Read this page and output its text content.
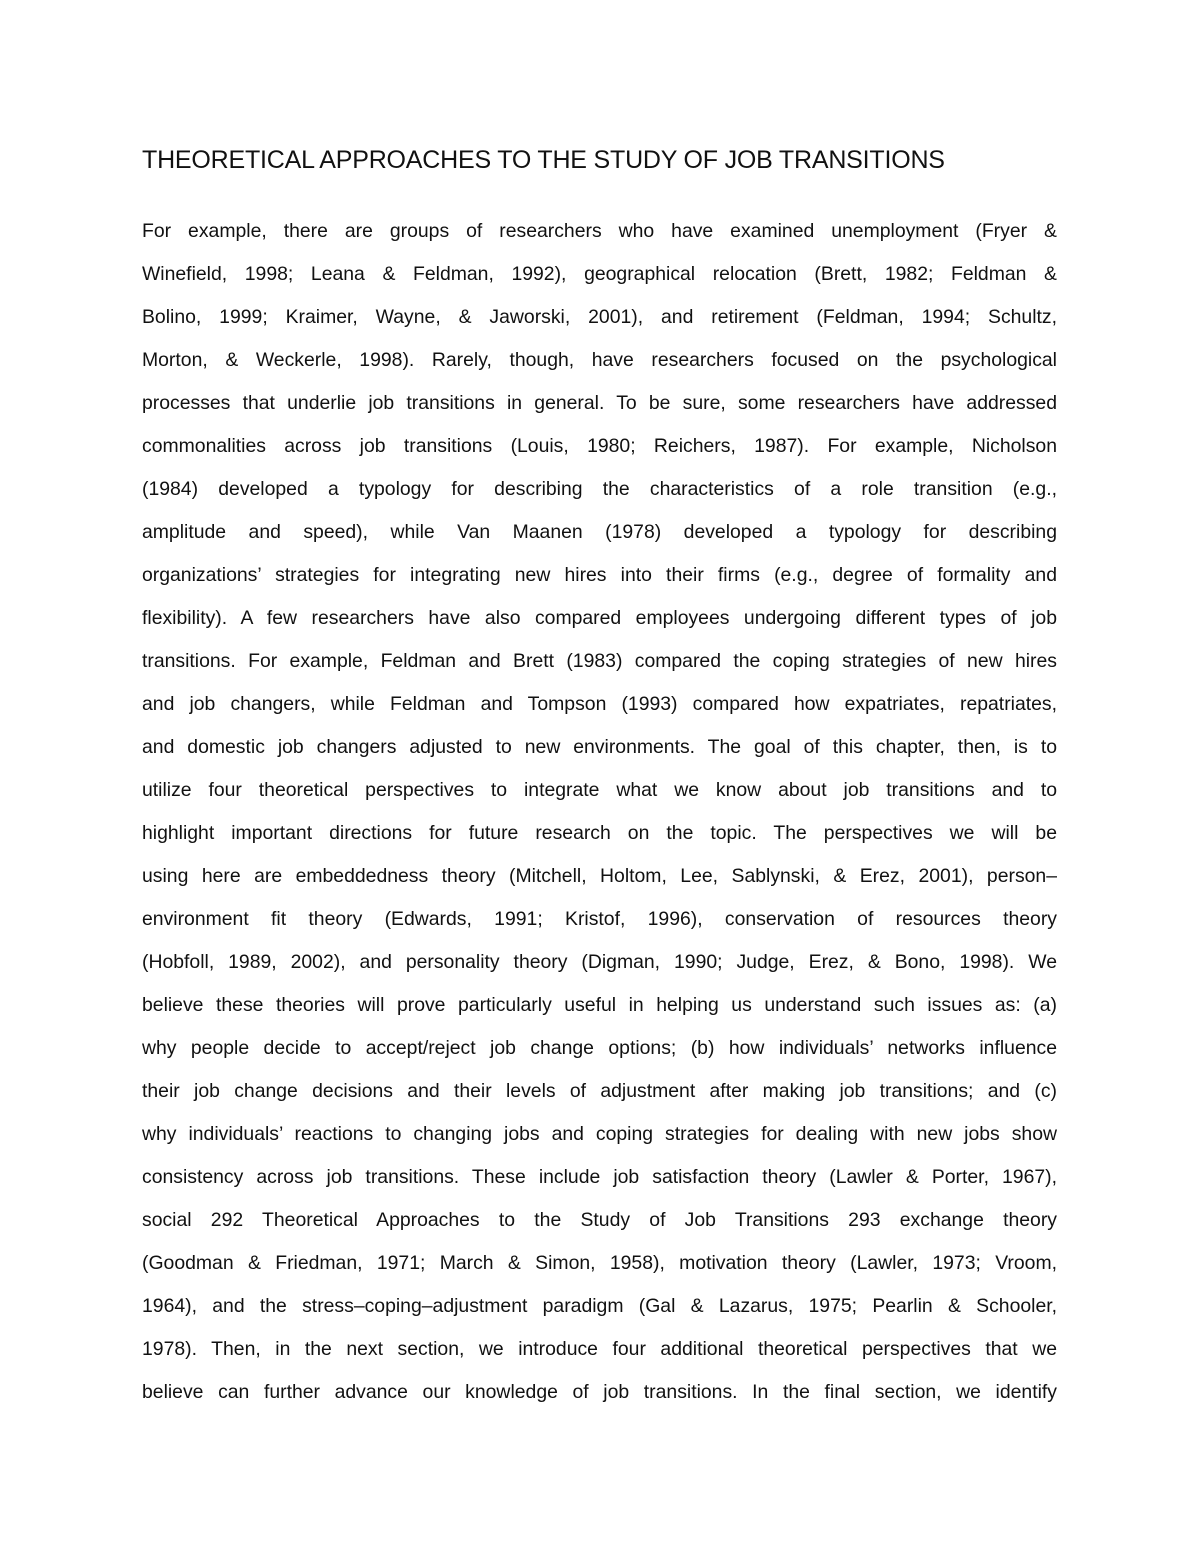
THEORETICAL APPROACHES TO THE STUDY OF JOB TRANSITIONS

For example, there are groups of researchers who have examined unemployment (Fryer &

Winefield, 1998; Leana & Feldman, 1992), geographical relocation (Brett, 1982; Feldman &

Bolino, 1999; Kraimer, Wayne, & Jaworski, 2001), and retirement (Feldman, 1994; Schultz,

Morton, & Weckerle, 1998). Rarely, though, have researchers focused on the psychological

processes that underlie job transitions in general. To be sure, some researchers have addressed

commonalities across job transitions (Louis, 1980; Reichers, 1987). For example, Nicholson

(1984) developed a typology for describing the characteristics of a role transition (e.g.,

amplitude and speed), while Van Maanen (1978) developed a typology for describing

organizations’ strategies for integrating new hires into their firms (e.g., degree of formality and

flexibility). A few researchers have also compared employees undergoing different types of job

transitions. For example, Feldman and Brett (1983) compared the coping strategies of new hires

and job changers, while Feldman and Tompson (1993) compared how expatriates, repatriates,

and domestic job changers adjusted to new environments. The goal of this chapter, then, is to

utilize four theoretical perspectives to integrate what we know about job transitions and to

highlight important directions for future research on the topic. The perspectives we will be

using here are embeddedness theory (Mitchell, Holtom, Lee, Sablynski, & Erez, 2001), person–

environment fit theory (Edwards, 1991; Kristof, 1996), conservation of resources theory

(Hobfoll, 1989, 2002), and personality theory (Digman, 1990; Judge, Erez, & Bono, 1998). We

believe these theories will prove particularly useful in helping us understand such issues as: (a)

why people decide to accept/reject job change options; (b) how individuals’ networks influence

their job change decisions and their levels of adjustment after making job transitions; and (c)

why individuals’ reactions to changing jobs and coping strategies for dealing with new jobs show

consistency across job transitions. These include job satisfaction theory (Lawler & Porter, 1967),

social 292 Theoretical Approaches to the Study of Job Transitions 293 exchange theory

(Goodman & Friedman, 1971; March & Simon, 1958), motivation theory (Lawler, 1973; Vroom,

1964), and the stress–coping–adjustment paradigm (Gal & Lazarus, 1975; Pearlin & Schooler,

1978). Then, in the next section, we introduce four additional theoretical perspectives that we

believe can further advance our knowledge of job transitions. In the final section, we identify
